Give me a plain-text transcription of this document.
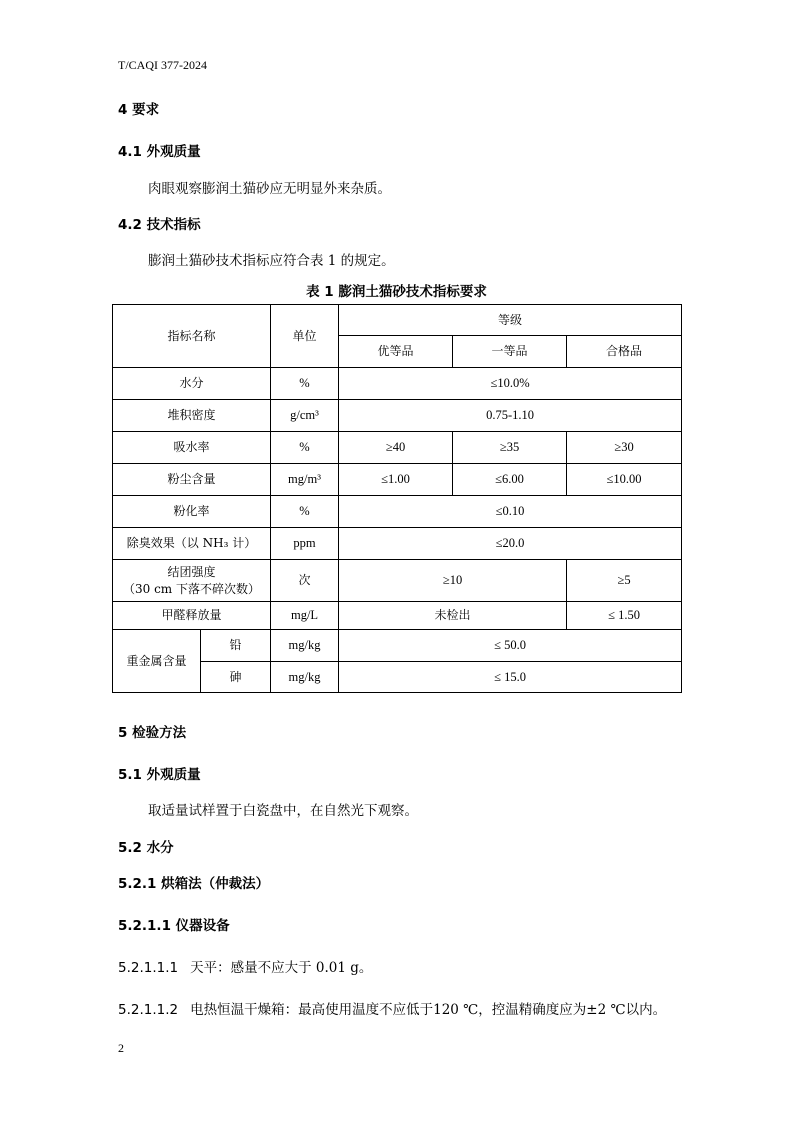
T/CAQI 377-2024
4 要求
4.1 外观质量
肉眼观察膨润土猫砂应无明显外来杂质。
4.2 技术指标
膨润土猫砂技术指标应符合表 1 的规定。
表 1 膨润土猫砂技术指标要求
指标名称		单位	等级		
			优等品	一等品	合格品
水分		%	≤10.0%		
堆积密度		g/cm³	0.75-1.10		
吸水率		%	≥40	≥35	≥30
粉尘含量		mg/m³	≤1.00	≤6.00	≤10.00
粉化率		%	≤0.10		
除臭效果（以 NH₃ 计）		ppm	≤20.0		

结团强度
（30 cm 下落不碎次数）		次	≥10		≥5
甲醛释放量		mg/L	未检出		≤ 1.50
重金属含量	铅	mg/kg	≤ 50.0		
	砷	mg/kg	≤ 15.0		
5 检验方法
5.1 外观质量
取适量试样置于白瓷盘中，在自然光下观察。
5.2 水分
5.2.1 烘箱法（仲裁法）
5.2.1.1 仪器设备
5.2.1.1.1 天平：感量不应大于 0.01 g。
5.2.1.1.2 电热恒温干燥箱：最高使用温度不应低于120 ℃，控温精确度应为±2 ℃以内。
2
